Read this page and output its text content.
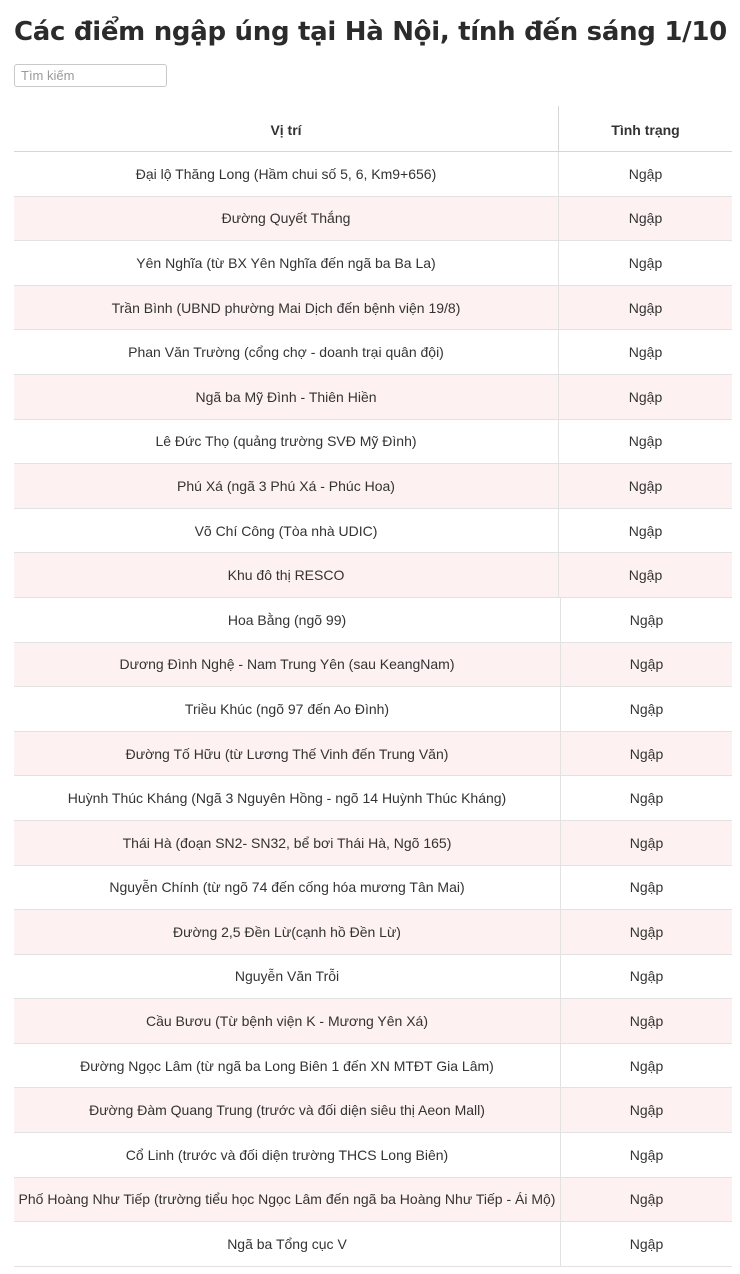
Các điểm ngập úng tại Hà Nội, tính đến sáng 1/10
Tìm kiếm
Vị trí	Tình trạng
Đại lộ Thăng Long (Hầm chui số 5, 6, Km9+656)	Ngập
Đường Quyết Thắng	Ngập
Yên Nghĩa (từ BX Yên Nghĩa đến ngã ba Ba La)	Ngập
Trần Bình (UBND phường Mai Dịch đến bệnh viện 19/8)	Ngập
Phan Văn Trường (cổng chợ - doanh trại quân đội)	Ngập
Ngã ba Mỹ Đình - Thiên Hiền	Ngập
Lê Đức Thọ (quảng trường SVĐ Mỹ Đình)	Ngập
Phú Xá (ngã 3 Phú Xá - Phúc Hoa)	Ngập
Võ Chí Công (Tòa nhà UDIC)	Ngập
Khu đô thị RESCO	Ngập
Hoa Bằng (ngõ 99)	Ngập
Dương Đình Nghệ - Nam Trung Yên (sau KeangNam)	Ngập
Triều Khúc (ngõ 97 đến Ao Đình)	Ngập
Đường Tố Hữu (từ Lương Thế Vinh đến Trung Văn)	Ngập
Huỳnh Thúc Kháng (Ngã 3 Nguyên Hồng - ngõ 14 Huỳnh Thúc Kháng)	Ngập
Thái Hà (đoạn SN2- SN32, bể bơi Thái Hà, Ngõ 165)	Ngập
Nguyễn Chính (từ ngõ 74 đến cống hóa mương Tân Mai)	Ngập
Đường 2,5 Đền Lừ(cạnh hồ Đền Lừ)	Ngập
Nguyễn Văn Trỗi	Ngập
Cầu Bươu (Từ bệnh viện K - Mương Yên Xá)	Ngập
Đường Ngọc Lâm (từ ngã ba Long Biên 1 đến XN MTĐT Gia Lâm)	Ngập
Đường Đàm Quang Trung (trước và đối diện siêu thị Aeon Mall)	Ngập
Cổ Linh (trước và đối diện trường THCS Long Biên)	Ngập
Phố Hoàng Như Tiếp (trường tiểu học Ngọc Lâm đến ngã ba Hoàng Như Tiếp - Ái Mộ)	Ngập
Ngã ba Tổng cục V	Ngập
